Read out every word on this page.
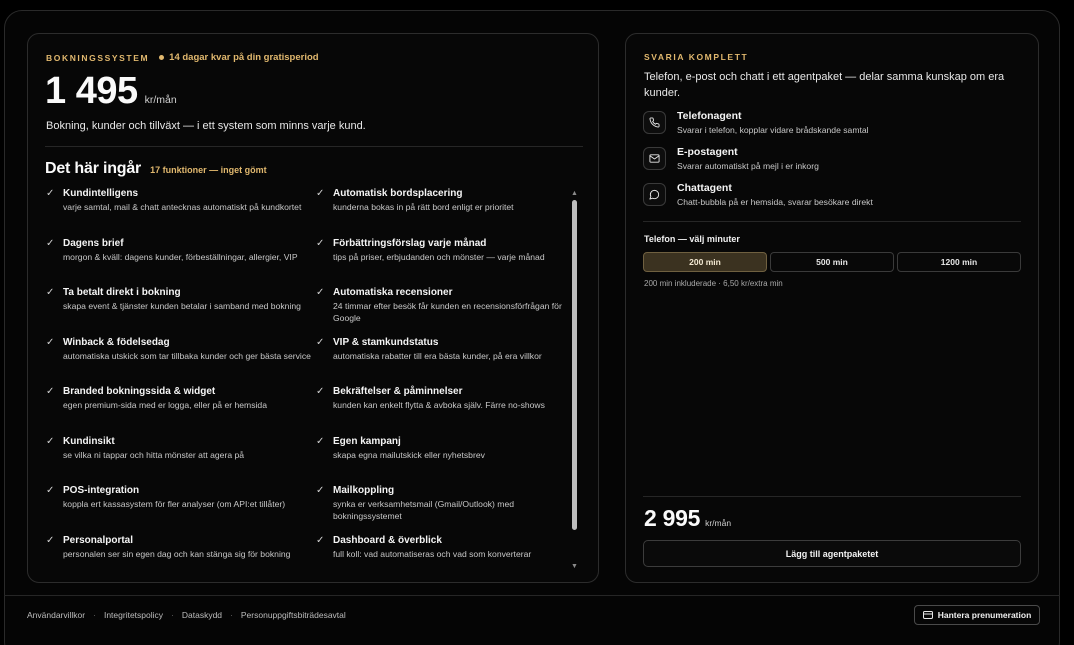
BOKNINGSSYSTEM 14 dagar kvar på din gratisperiod
1 495 kr/mån
Bokning, kunder och tillväxt — i ett system som minns varje kund.
Det här ingår 17 funktioner — inget gömt
✓ Kundintelligens
varje samtal, mail & chatt antecknas automatiskt på kundkortet
✓ Automatisk bordsplacering
kunderna bokas in på rätt bord enligt er prioritet
✓ Dagens brief
morgon & kväll: dagens kunder, förbeställningar, allergier, VIP
✓ Förbättringsförslag varje månad
tips på priser, erbjudanden och mönster — varje månad
✓ Ta betalt direkt i bokning
skapa event & tjänster kunden betalar i samband med bokning
✓ Automatiska recensioner
24 timmar efter besök får kunden en recensionsförfrågan för Google
✓ Winback & födelsedag
automatiska utskick som tar tillbaka kunder och ger bästa service
✓ VIP & stamkundstatus
automatiska rabatter till era bästa kunder, på era villkor
✓ Branded bokningssida & widget
egen premium-sida med er logga, eller på er hemsida
✓ Bekräftelser & påminnelser
kunden kan enkelt flytta & avboka själv. Färre no-shows
✓ Kundinsikt
se vilka ni tappar och hitta mönster att agera på
✓ Egen kampanj
skapa egna mailutskick eller nyhetsbrev
✓ POS-integration
koppla ert kassasystem för fler analyser (om API:et tillåter)
✓ Mailkoppling
synka er verksamhetsmail (Gmail/Outlook) med bokningssystemet
✓ Personalportal
personalen ser sin egen dag och kan stänga sig för bokning
✓ Dashboard & överblick
full koll: vad automatiseras och vad som konverterar
▲
▼
SVARIA KOMPLETT
Telefon, e-post och chatt i ett agentpaket — delar samma kunskap om era kunder.
Telefonagent
Svarar i telefon, kopplar vidare brådskande samtal
E-postagent
Svarar automatiskt på mejl i er inkorg
Chattagent
Chatt-bubbla på er hemsida, svarar besökare direkt
Telefon — välj minuter
200 min	500 min	1200 min
200 min inkluderade · 6,50 kr/extra min
2 995 kr/mån
Lägg till agentpaketet
Användarvillkor · Integritetspolicy · Dataskydd · Personuppgiftsbiträdesavtal	Hantera prenumeration
